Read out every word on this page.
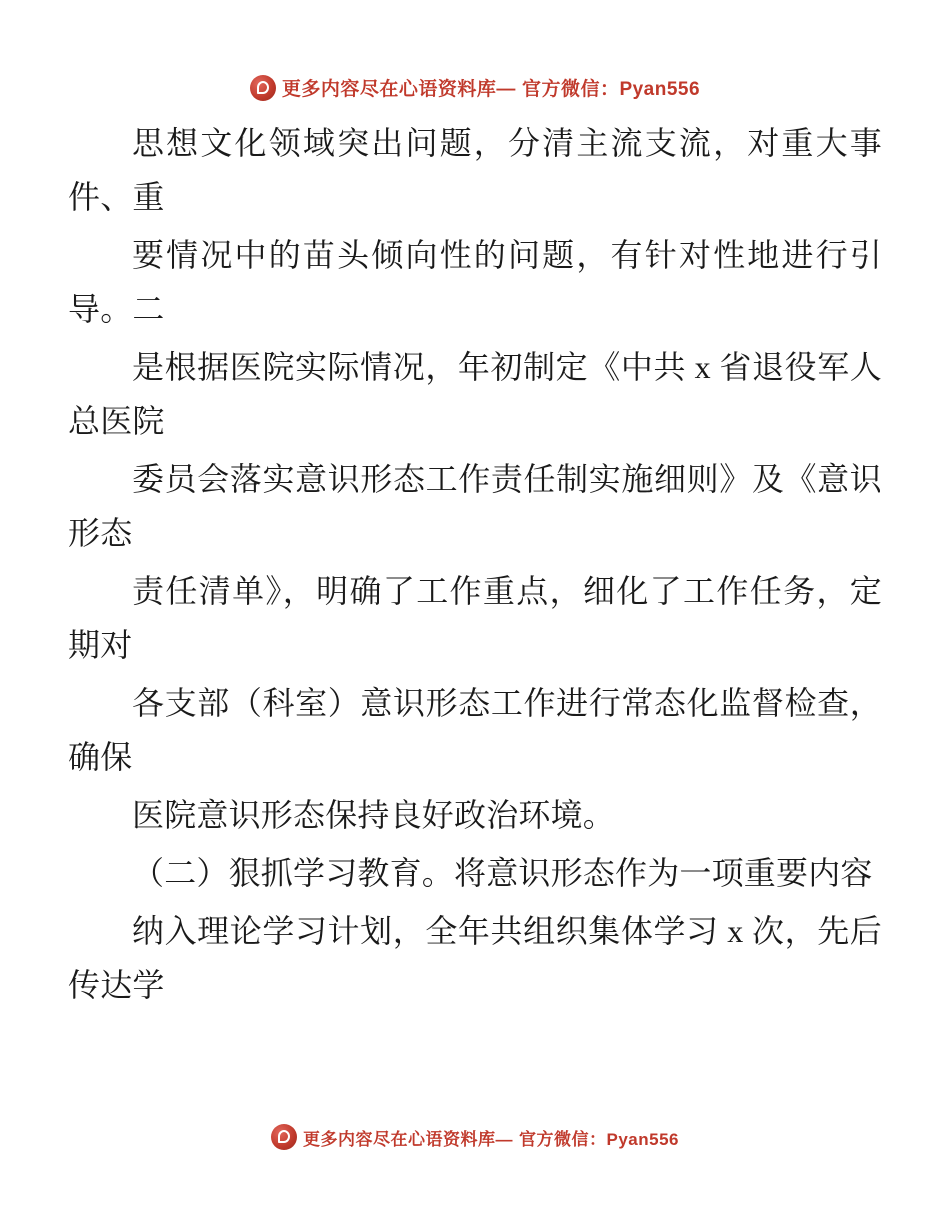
更多内容尽在心语资料库— 官方微信：Pyan556

思想文化领域突出问题，分清主流支流，对重大事件、重

要情况中的苗头倾向性的问题，有针对性地进行引导。二

是根据医院实际情况，年初制定《中共 x 省退役军人总医院

委员会落实意识形态工作责任制实施细则》及《意识形态

责任清单》，明确了工作重点，细化了工作任务，定期对

各支部（科室）意识形态工作进行常态化监督检查，确保

医院意识形态保持良好政治环境。

（二）狠抓学习教育。将意识形态作为一项重要内容

纳入理论学习计划，全年共组织集体学习 x 次，先后传达学

更多内容尽在心语资料库— 官方微信：Pyan556
